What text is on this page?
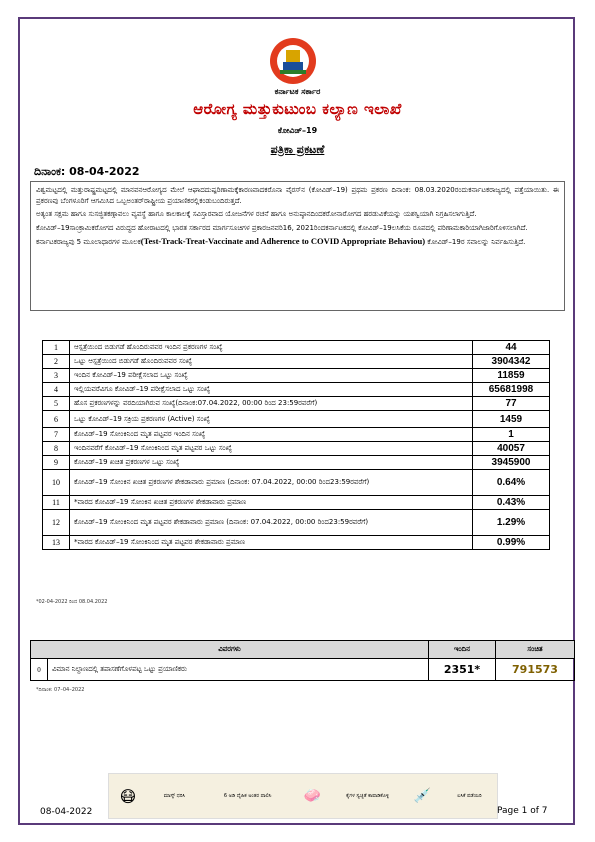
ಕರ್ನಾಟಕ ಸರ್ಕಾರ
ಆರೋಗ್ಯ ಮತ್ತುಕುಟುಂಬ ಕಲ್ಯಾಣ ಇಲಾಖೆ
ಕೋವಿಡ್–19
ಪತ್ರಿಕಾ ಪ್ರಕಟಣೆ
ದಿನಾಂಕ: 08-04-2022

ವಿಶ್ವಮಟ್ಟದಲ್ಲಿ ಮತ್ತುರಾಷ್ಟ್ರಮಟ್ಟದಲ್ಲಿ ಮಾನವನಆರೋಗ್ಯದ ಮೇಲೆ ಆಘಾದದುಷ್ಪರಿಣಾಮಕ್ಕೆಕಾರಣವಾದಕರೊನಾ ವೈರಸ್‌ನ (ಕೋವಿಡ್–19) ಪ್ರಥಮ ಪ್ರಕರಣ ದಿನಾಂಕ: 08.03.2020ರಂದುಕರ್ನಾಟಕರಾಜ್ಯದಲ್ಲಿ ಪತ್ತೆಯಾಯಿತು. ಈ ಪ್ರಕರಣವು ಬೆಂಗಳೂರಿಗೆ ಆಗಮಿಸಿದ ಒಬ್ಬಅಂತರ್‌ರಾಷ್ಟ್ರೀಯ ಪ್ರಯಾಣಿಕರಲ್ಲಿಕಂಡುಬಂದಿರುತ್ತದೆ.

ಅತ್ಯಂತ ಸಕ್ಷಮ ಹಾಗೂ ಸುಸಜ್ಜಿತಕಣ್ಗಾವಲು ವ್ಯವಸ್ಥೆ ಹಾಗೂ ಕಾಲಕಾಲಕ್ಕೆ ಸವಿಸ್ತಾರವಾದ ಯೋಜನೆಗಳ ರಚನೆ ಹಾಗೂ ಅನುಷ್ಠಾನದಿಂದಕರೋನಾರೋಗದ ಹರಡುವಿಕೆಯನ್ನು ಯಶಸ್ವಿಯಾಗಿ ನಿಗ್ರಹಿಸಲಾಗುತ್ತಿದೆ.

ಕೋವಿಡ್–19ಸಾಂಕ್ರಾಮಿಕರೋಗದ ವಿರುದ್ಧದ ಹೋರಾಟದಲ್ಲಿ ಭಾರತ ಸರ್ಕಾರದ ಮಾರ್ಗಸೂಚಿಗಳ ಪ್ರಕಾರಜನವರಿ16, 2021ರಿಂದಕರ್ನಾಟಕದಲ್ಲಿ ಕೋವಿಡ್–19ಲಸಿಕೆಯ ರೂಪದಲ್ಲಿ ಪರಿಣಾಮಕಾರಿಯಾಗಿಜಾರಿಗೊಳಿಸಲಾಗಿದೆ.

ಕರ್ನಾಟಕರಾಜ್ಯವು 5 ಮೂಲಾಧಾರಗಳ ಮೂಲಕ(Test-Track-Treat-Vaccinate and Adherence to COVID Appropriate Behaviou) ಕೋವಿಡ್–19ರ ಸವಾಲನ್ನು ನಿರ್ವಹಿಸುತ್ತಿದೆ.

1	ಆಸ್ಪತ್ರೆಯಿಂದ ಬಿಡುಗಡೆ ಹೊಂದಿರುವವರ ಇಂದಿನ ಪ್ರಕರಣಗಳ ಸಂಖ್ಯೆ	44
2	ಒಟ್ಟು ಆಸ್ಪತ್ರೆಯಿಂದ ಬಿಡುಗಡೆ ಹೊಂದಿರುವವರ ಸಂಖ್ಯೆ	3904342
3	ಇಂದಿನ ಕೋವಿಡ್–19 ಪರೀಕ್ಷೆಸಲಾದ ಒಟ್ಟು ಸಂಖ್ಯೆ	11859
4	ಇಲ್ಲಿಯವರೆವಿಗೂ ಕೋವಿಡ್–19 ಪರೀಕ್ಷೆಸಲಾದ ಒಟ್ಟು ಸಂಖ್ಯೆ	65681998
5	ಹೊಸ ಪ್ರಕರಣಗಳನ್ನು ವರದಿಯಾಗಿರುವ ಸಂಖ್ಯೆ(ದಿನಾಂಕ:07.04.2022, 00:00 ರಿಂದ 23:59ರವರೆಗೆ)	77
6	ಒಟ್ಟು ಕೋವಿಡ್–19 ಸಕ್ರಿಯ ಪ್ರಕರಣಗಳ (Active) ಸಂಖ್ಯೆ	1459
7	ಕೋವಿಡ್–19 ಸೋಂಕಿನಿಂದ ಮೃತ ಪಟ್ಟವರ ಇಂದಿನ ಸಂಖ್ಯೆ	1
8	ಇಂದಿನವರೆಗೆ ಕೋವಿಡ್–19 ಸೋಂಕಿನಿಂದ ಮೃತ ಪಟ್ಟವರ ಒಟ್ಟು ಸಂಖ್ಯೆ	40057
9	ಕೋವಿಡ್–19 ಖಚಿತ ಪ್ರಕರಣಗಳ ಒಟ್ಟು ಸಂಖ್ಯೆ	3945900
10	ಕೋವಿಡ್–19 ಸೋಂಕಿನ ಖಚಿತ ಪ್ರಕರಣಗಳ ಶೇಕಡಾವಾರು ಪ್ರಮಾಣ (ದಿನಾಂಕ: 07.04.2022, 00:00 ರಿಂದ23:59ರವರೆಗೆ)	0.64%
11	*ವಾರದ ಕೋವಿಡ್–19 ಸೋಂಕಿನ ಖಚಿತ ಪ್ರಕರಣಗಳ ಶೇಕಡಾವಾರು ಪ್ರಮಾಣ	0.43%
12	ಕೋವಿಡ್–19 ಸೋಂಕಿನಿಂದ ಮೃತ ಪಟ್ಟವರ ಶೇಕಡಾವಾರು ಪ್ರಮಾಣ (ದಿನಾಂಕ: 07.04.2022, 00:00 ರಿಂದ23:59ರವರೆಗೆ)	1.29%
13	*ವಾರದ ಕೋವಿಡ್–19 ಸೋಂಕಿನಿಂದ ಮೃತ ಪಟ್ಟವರ ಶೇಕಡಾವಾರು ಪ್ರಮಾಣ	0.99%
*02-04-2022 ರಿಂದ 08.04.2022
ವಿವರಗಳು		ಇಂದಿನ	ಸಂಚಿತ
0	ವಿಮಾನ ನಿಲ್ದಾಣದಲ್ಲಿ ತಪಾಸಣೆಗೊಳಪಟ್ಟ ಒಟ್ಟು ಪ್ರಯಾಣಿಕರು	2351*	791573
*ದಿನಾಂಕ: 07–04–2022
😷	ಮಾಸ್ಕ್ ಧರಿಸಿ	6 ಅಡಿ ದೈಹಿಕ ಅಂತರ ಪಾಲಿಸಿ	🧼	ಕೈಗಳ ಸ್ವಚ್ಛತೆ ಕಾಪಾಡಿಕೊಳ್ಳಿ 💉	ಲಸಿಕೆ ಪಡೆಯಿರಿ
08-04-2022	Page 1 of 7
